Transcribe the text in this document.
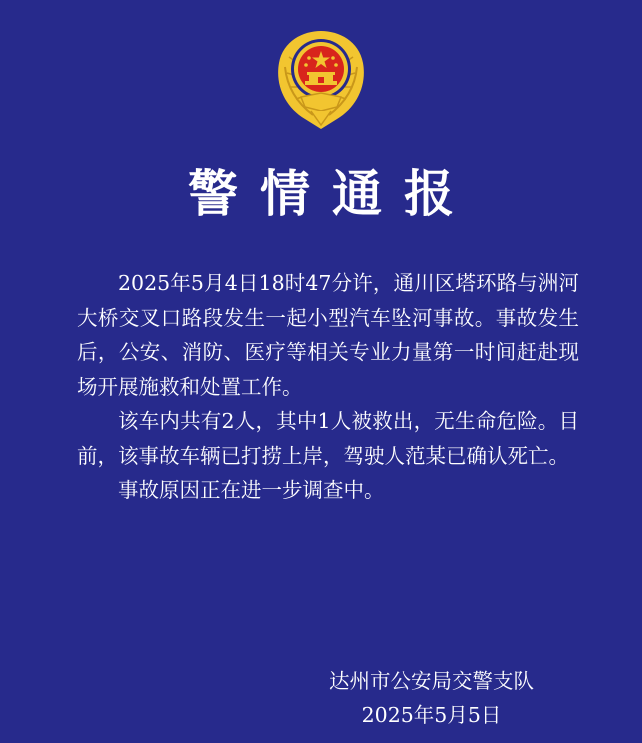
警情通报

2025年5月4日18时47分许，通川区塔环路与洲河大桥交叉口路段发生一起小型汽车坠河事故。事故发生后，公安、消防、医疗等相关专业力量第一时间赶赴现场开展施救和处置工作。

该车内共有2人，其中1人被救出，无生命危险。目前，该事故车辆已打捞上岸，驾驶人范某已确认死亡。

事故原因正在进一步调查中。

达州市公安局交警支队
2025年5月5日
